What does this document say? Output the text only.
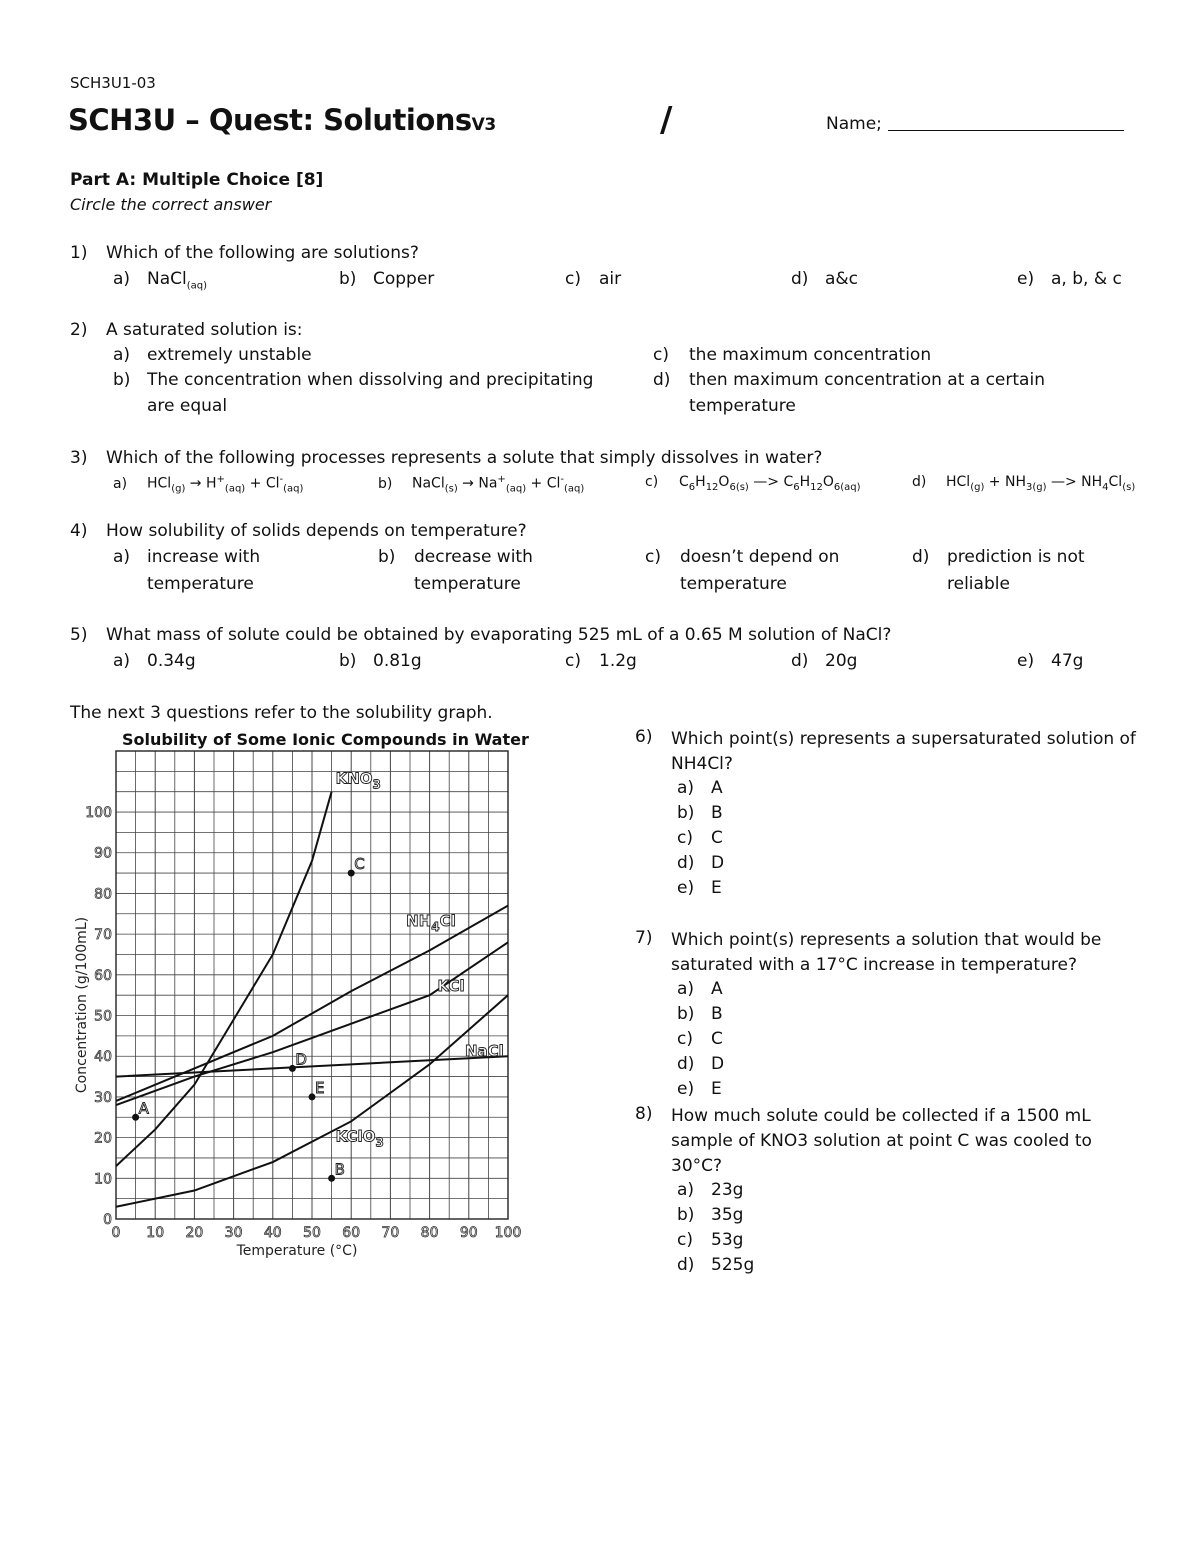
SCH3U1-03
SCH3U – Quest: SolutionsV3	/	Name;
Part A: Multiple Choice [8]
Circle the correct answer
1) Which of the following are solutions?
a) NaCl$_{(aq)}$	b) Copper	c) air	d) a&c	e) a, b, & c
2) A saturated solution is:
a) extremely unstable
b) The concentration when dissolving and precipitating are equal
c) the maximum concentration
d)	then maximum concentration at a certain temperature
3) Which of the following processes represents a solute that simply dissolves in water?
a) $HCl_{(g)} \to H^+_{(aq)} + Cl^-_{(aq)}$	b) NaCl$_{(s)}$ → $Na^+_{(aq)} + Cl^-_{(aq)}$	c) $C_6H_{12}O_{6(s)}$ —> $C_6H_{12}O_{6(aq)}$	d) $HCl_{(g)} + NH_{3(g)}$ —> $NH_4Cl_{(s)}$
4) How solubility of solids depends on temperature?
a) increase with temperature
b)	decrease with temperature
c)	doesn’t depend on temperature
d)	prediction is not reliable
5) What mass of solute could be obtained by evaporating 525 mL of a 0.65 M solution of NaCl?
a) 0.34g	b) 0.81g	c) 1.2g	d) 20g	e) 47g
The next 3 questions refer to the solubility graph.
Solubility of Some Ionic Compounds in Water
0 10 20 30 40 50 60 70 80 90 100
0
10
20
30
40
50
60
70
80
90
100
Temperature (°C)
Concentration (g/100mL)
$KNO_3$
$NH_4Cl$
KCl
NaCl
KClO$_3$
A
B
C
D
E
6) Which point(s) represents a supersaturated solution of NH4Cl?
a) A
b) B
c) C
d) D
e) E
7) Which point(s) represents a solution that would be saturated with a 17°C increase in temperature?
a) A
b) B
c) C
d) D
e) E
8) How much solute could be collected if a 1500 mL sample of KNO3 solution at point C was cooled to 30°C?
a) 23g
b) 35g
c) 53g
d) 525g
